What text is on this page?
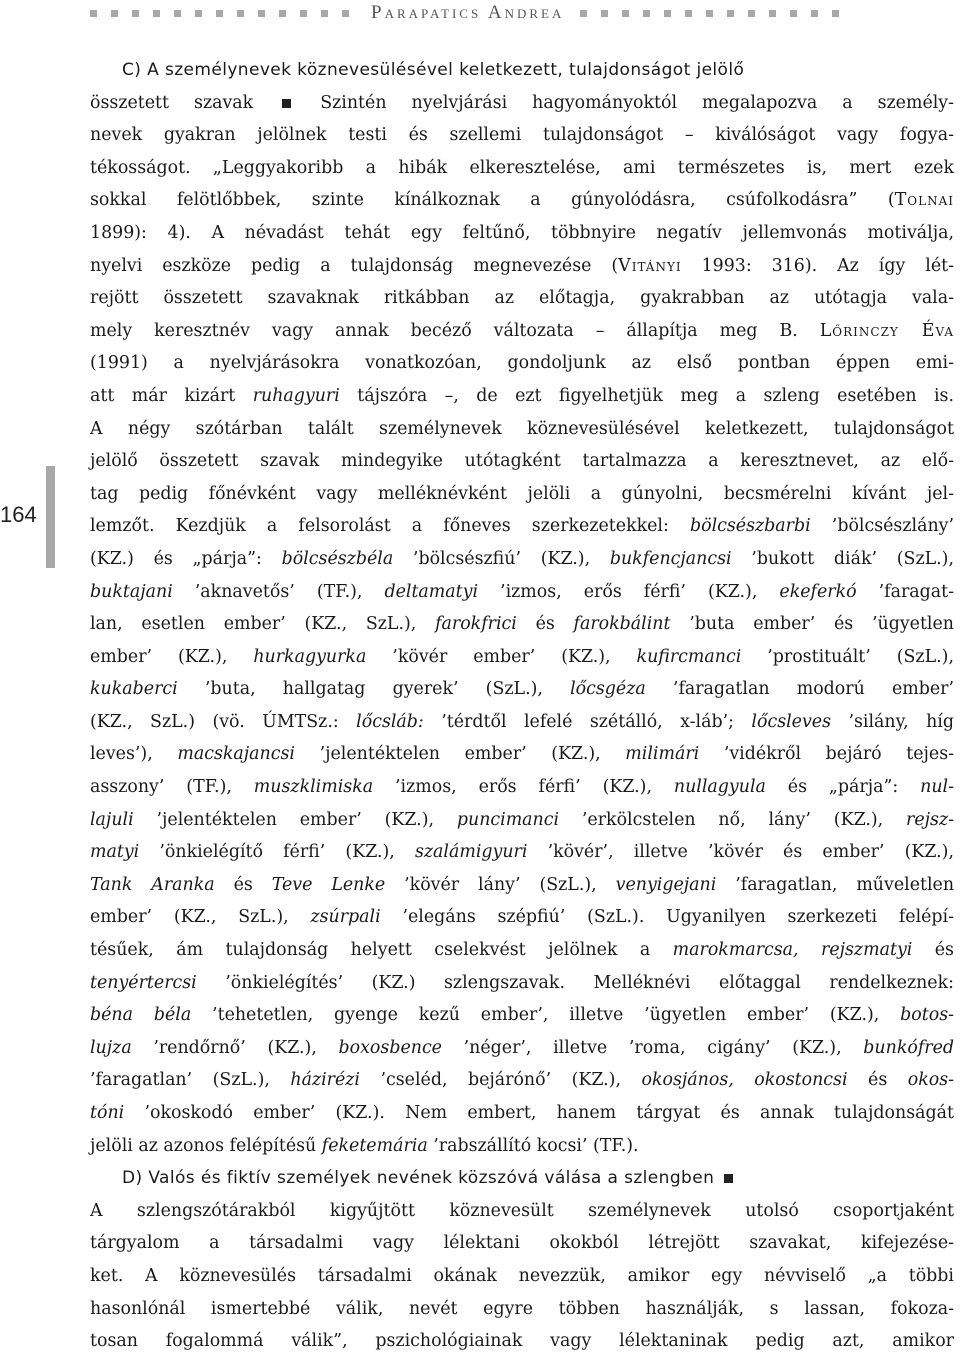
Parapatics Andrea
164
C) A személynevek köznevesülésével keletkezett, tulajdonságot jelölő
összetett szavak	Szintén nyelvjárási hagyományoktól megalapozva a személy-
nevek gyakran jelölnek testi és szellemi tulajdonságot – kiválóságot vagy fogya-
tékosságot. „Leggyakoribb a hibák elkeresztelése, ami természetes is, mert ezek
sokkal felötlőbbek, szinte kínálkoznak a gúnyolódásra, csúfolkodásra” (Tolnai
1899): 4). A névadást tehát egy feltűnő, többnyire negatív jellemvonás motiválja,
nyelvi eszköze pedig a tulajdonság megnevezése (Vitányi 1993: 316). Az így lét-
rejött összetett szavaknak ritkábban az előtagja, gyakrabban az utótagja vala-
mely keresztnév vagy annak becéző változata – állapítja meg B. Lőrinczy Éva
(1991) a nyelvjárásokra vonatkozóan, gondoljunk az első pontban éppen emi-
att már kizárt ruhagyuri tájszóra –, de ezt figyelhetjük meg a szleng esetében is.
A négy szótárban talált személynevek köznevesülésével keletkezett, tulajdonságot
jelölő összetett szavak mindegyike utótagként tartalmazza a keresztnevet, az elő-
tag pedig főnévként vagy melléknévként jelöli a gúnyolni, becsmérelni kívánt jel-
lemzőt. Kezdjük a felsorolást a főneves szerkezetekkel: bölcsészbarbi ’bölcsészlány’
(KZ.) és „párja”: bölcsészbéla ’bölcsészfiú’ (KZ.), bukfencjancsi ’bukott diák’ (SzL.),
buktajani ’aknavetős’ (TF.), deltamatyi ’izmos, erős férfi’ (KZ.), ekeferkó ’faragat-
lan, esetlen ember’ (KZ., SzL.), farokfrici és farokbálint ’buta ember’ és ’ügyetlen
ember’ (KZ.), hurkagyurka ’kövér ember’ (KZ.), kufircmanci ’prostituált’ (SzL.),
kukaberci ’buta, hallgatag gyerek’ (SzL.), lőcsgéza ’faragatlan modorú ember’
(KZ., SzL.) (vö. ÚMTSz.: lőcsláb: ’térdtől lefelé szétálló, x-láb’; lőcsleves ’silány, híg
leves’), macskajancsi ’jelentéktelen ember’ (KZ.), milimári ’vidékről bejáró tejes-
asszony’ (TF.), muszklimiska ’izmos, erős férfi’ (KZ.), nullagyula és „párja”: nul-
lajuli ’jelentéktelen ember’ (KZ.), puncimanci ’erkölcstelen nő, lány’ (KZ.), rejsz-
matyi ’önkielégítő férfi’ (KZ.), szalámigyuri ’kövér’, illetve ’kövér és ember’ (KZ.),
Tank Aranka és Teve Lenke ’kövér lány’ (SzL.), venyigejani ’faragatlan, műveletlen
ember’ (KZ., SzL.), zsúrpali ’elegáns szépfiú’ (SzL.). Ugyanilyen szerkezeti felépí-
tésűek, ám tulajdonság helyett cselekvést jelölnek a marokmarcsa, rejszmatyi és
tenyértercsi ’önkielégítés’ (KZ.) szlengszavak. Melléknévi előtaggal rendelkeznek:
béna béla ’tehetetlen, gyenge kezű ember’, illetve ’ügyetlen ember’ (KZ.), botos-
lujza ’rendőrnő’ (KZ.), boxosbence ’néger’, illetve ’roma, cigány’ (KZ.), bunkófred
’faragatlan’ (SzL.), házirézi ’cseléd, bejárónő’ (KZ.), okosjános, okostoncsi és okos-
tóni ’okoskodó ember’ (KZ.). Nem embert, hanem tárgyat és annak tulajdonságát
jelöli az azonos felépítésű feketemária ’rabszállító kocsi’ (TF.).
D) Valós és fiktív személyek nevének közszóvá válása a szlengben
A szlengszótárakból kigyűjtött köznevesült személynevek utolsó csoportjaként
tárgyalom a társadalmi vagy lélektani okokból létrejött szavakat, kifejezése-
ket. A köznevesülés társadalmi okának nevezzük, amikor egy névviselő „a többi
hasonlónál ismertebbé válik, nevét egyre többen használják, s lassan, fokoza-
tosan fogalommá válik”, pszichológiainak vagy lélektaninak pedig azt, amikor
